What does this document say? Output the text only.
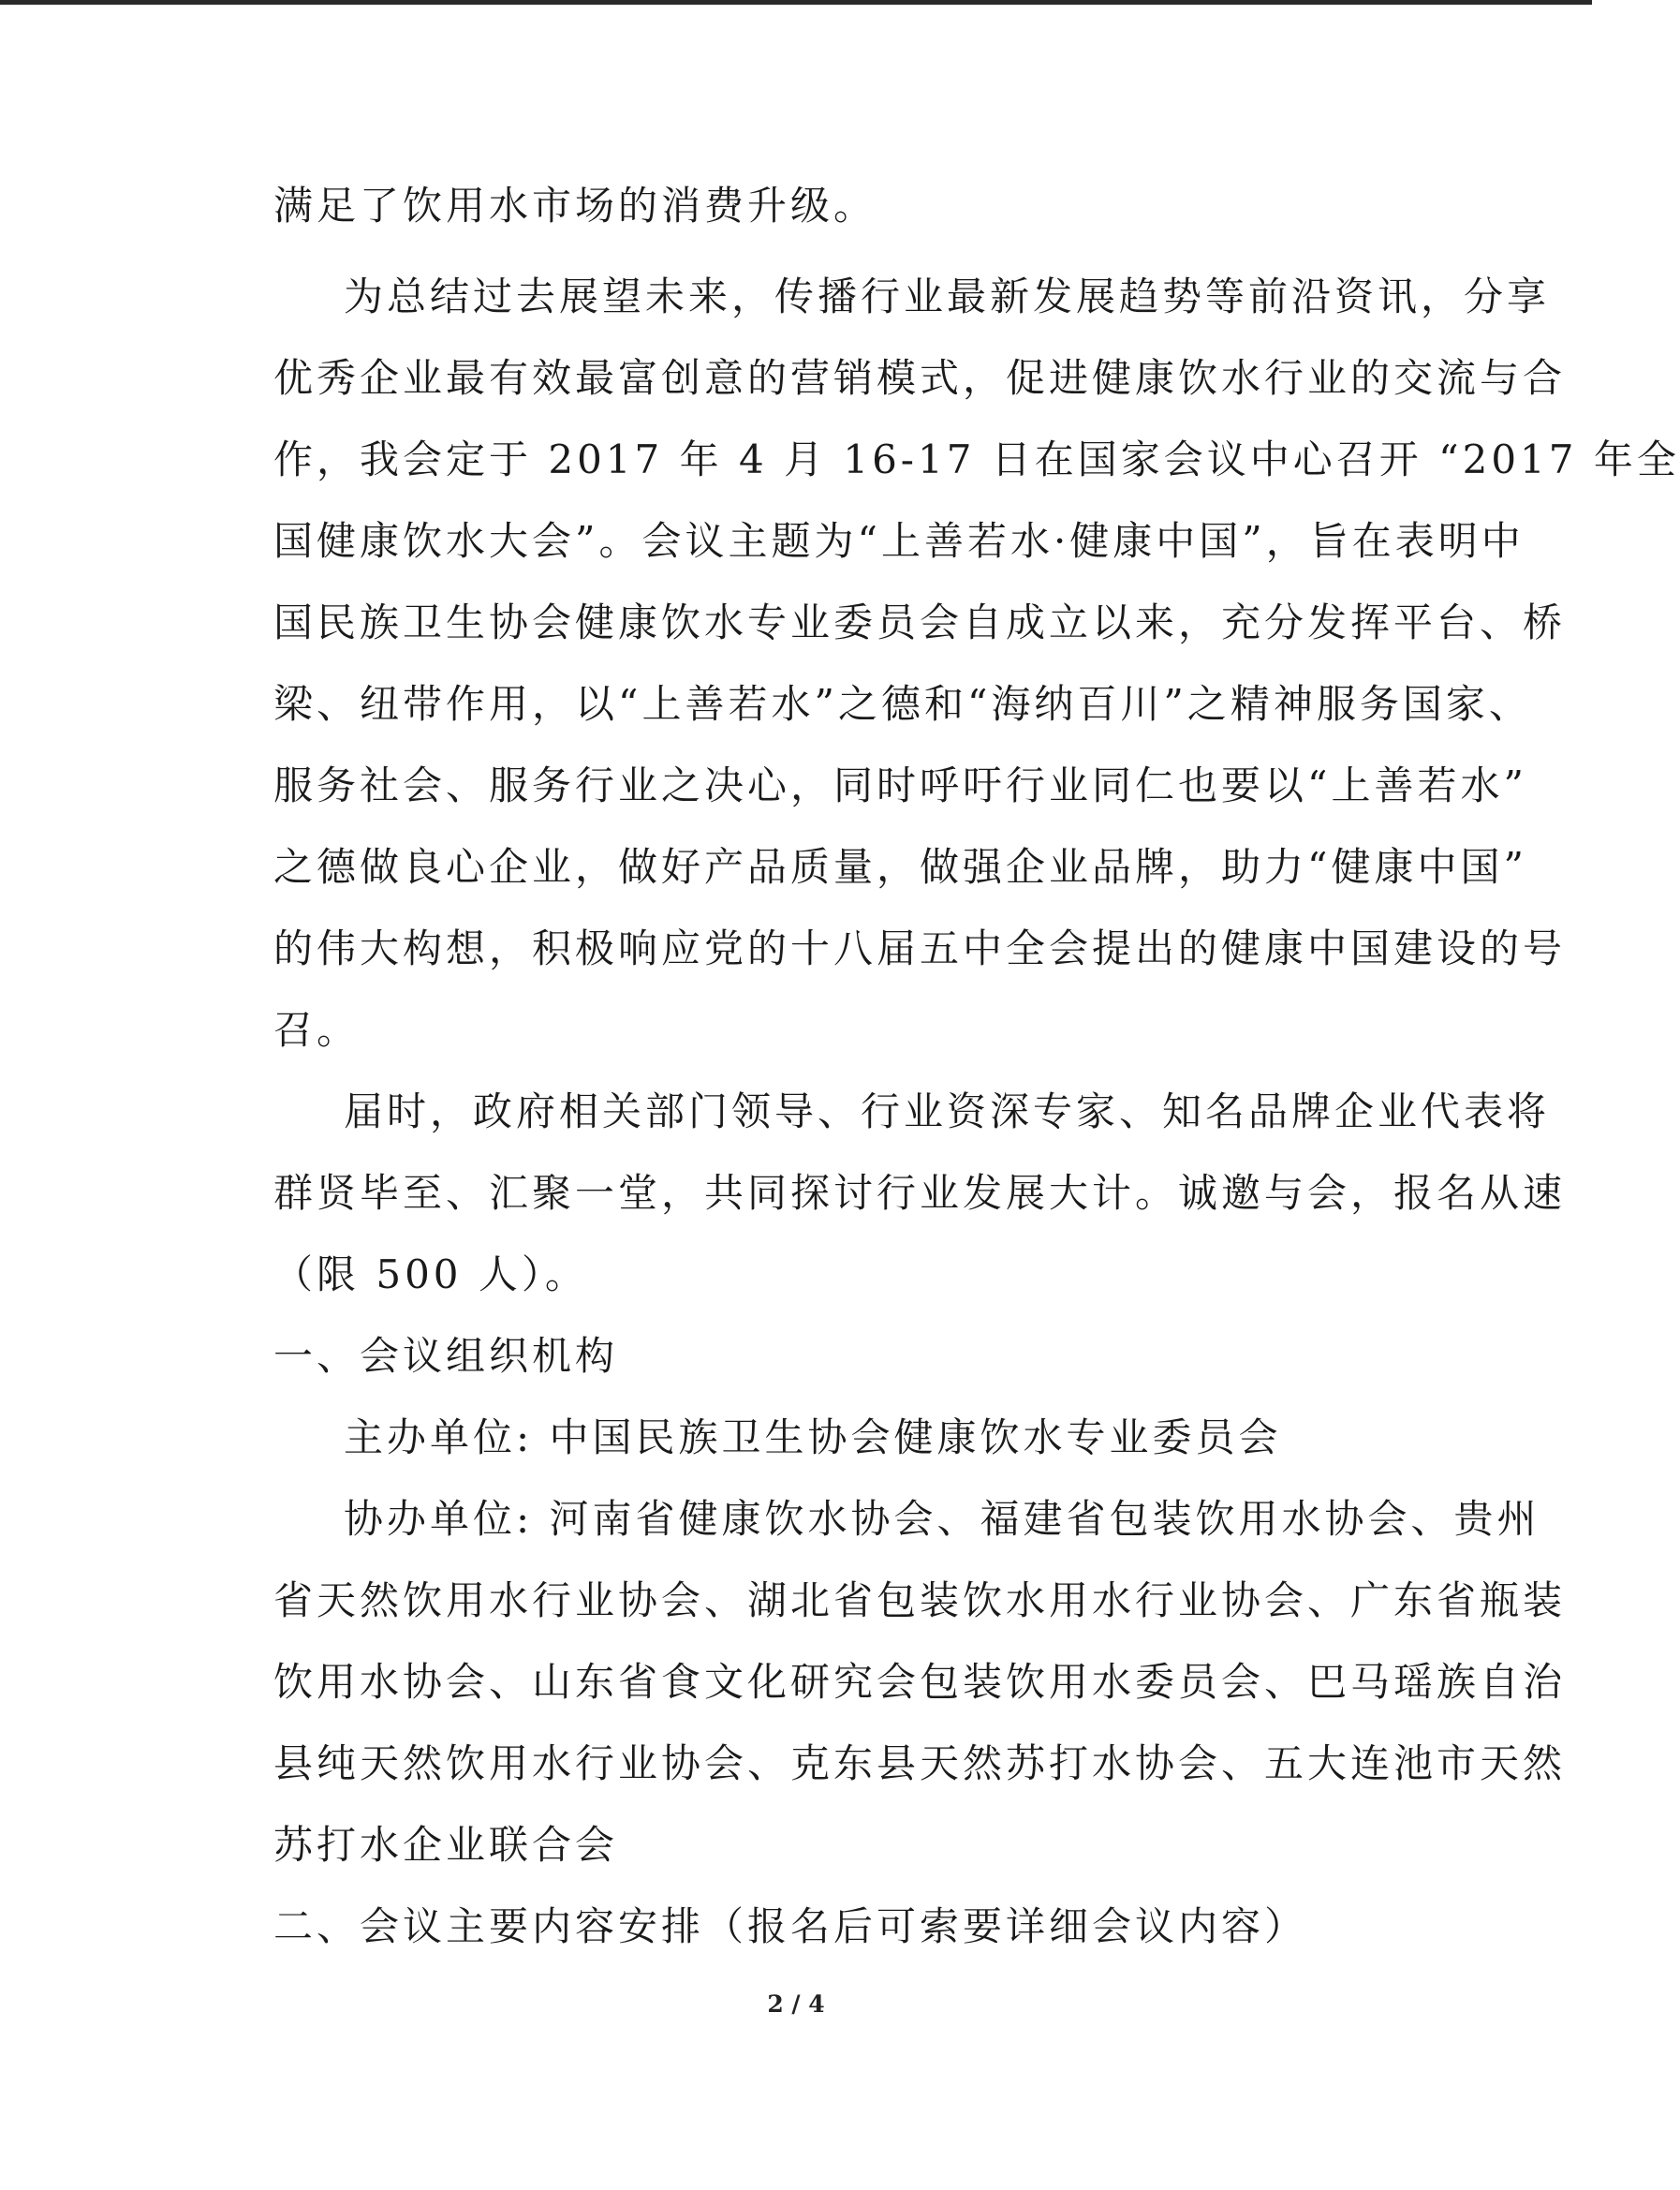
满足了饮用水市场的消费升级。
为总结过去展望未来，传播行业最新发展趋势等前沿资讯，分享
优秀企业最有效最富创意的营销模式，促进健康饮水行业的交流与合
作，我会定于 2017 年 4 月 16-17 日在国家会议中心召开 “2017 年全
国健康饮水大会”。会议主题为“上善若水·健康中国”，旨在表明中
国民族卫生协会健康饮水专业委员会自成立以来，充分发挥平台、桥
梁、纽带作用，以“上善若水”之德和“海纳百川”之精神服务国家、
服务社会、服务行业之决心，同时呼吁行业同仁也要以“上善若水”
之德做良心企业，做好产品质量，做强企业品牌，助力“健康中国”
的伟大构想，积极响应党的十八届五中全会提出的健康中国建设的号
召。
届时，政府相关部门领导、行业资深专家、知名品牌企业代表将
群贤毕至、汇聚一堂，共同探讨行业发展大计。诚邀与会，报名从速
（限 500 人）。
一、会议组织机构
主办单位: 中国民族卫生协会健康饮水专业委员会
协办单位: 河南省健康饮水协会、福建省包装饮用水协会、贵州
省天然饮用水行业协会、湖北省包装饮水用水行业协会、广东省瓶装
饮用水协会、山东省食文化研究会包装饮用水委员会、巴马瑶族自治
县纯天然饮用水行业协会、克东县天然苏打水协会、五大连池市天然
苏打水企业联合会
二、会议主要内容安排（报名后可索要详细会议内容）
2 / 4
